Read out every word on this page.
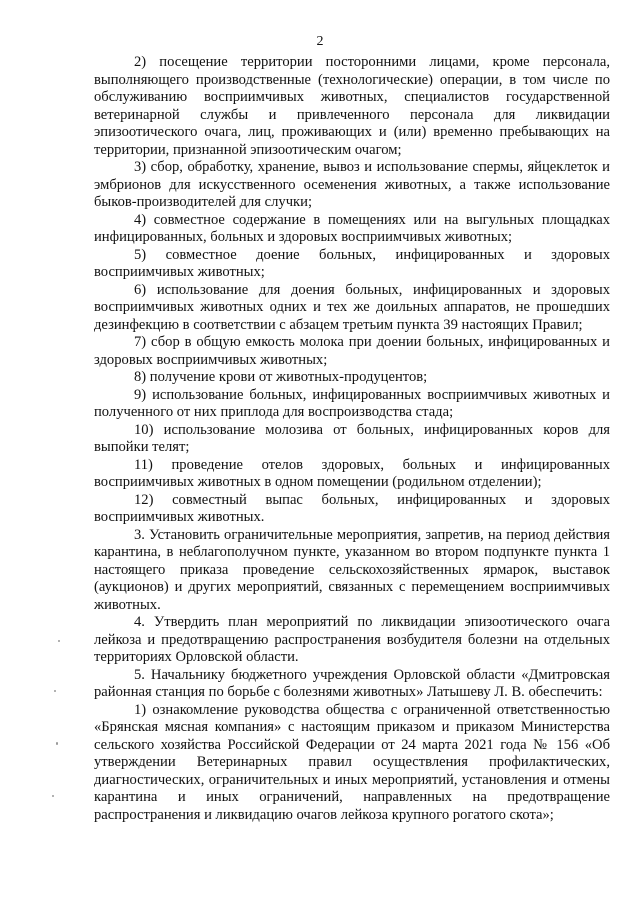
2

2) посещение территории посторонними лицами, кроме персонала, выполняющего производственные (технологические) операции, в том числе по обслуживанию восприимчивых животных, специалистов государственной ветеринарной службы и привлеченного персонала для ликвидации эпизоотического очага, лиц, проживающих и (или) временно пребывающих на территории, признанной эпизоотическим очагом;

3) сбор, обработку, хранение, вывоз и использование спермы, яйцеклеток и эмбрионов для искусственного осеменения животных, а также использование быков-производителей для случки;

4) совместное содержание в помещениях или на выгульных площадках инфицированных, больных и здоровых восприимчивых животных;

5) совместное доение больных, инфицированных и здоровых восприимчивых животных;

6) использование для доения больных, инфицированных и здоровых восприимчивых животных одних и тех же доильных аппаратов, не прошедших дезинфекцию в соответствии с абзацем третьим пункта 39 настоящих Правил;

7) сбор в общую емкость молока при доении больных, инфицированных и здоровых восприимчивых животных;

8) получение крови от животных-продуцентов;

9) использование больных, инфицированных восприимчивых животных и полученного от них приплода для воспроизводства стада;

10) использование молозива от больных, инфицированных коров для выпойки телят;

11) проведение отелов здоровых, больных и инфицированных восприимчивых животных в одном помещении (родильном отделении);

12) совместный выпас больных, инфицированных и здоровых восприимчивых животных.

3. Установить ограничительные мероприятия, запретив, на период действия карантина, в неблагополучном пункте, указанном во втором подпункте пункта 1 настоящего приказа проведение сельскохозяйственных ярмарок, выставок (аукционов) и других мероприятий, связанных с перемещением восприимчивых животных.

4. Утвердить план мероприятий по ликвидации эпизоотического очага лейкоза и предотвращению распространения возбудителя болезни на отдельных территориях Орловской области.

5. Начальнику бюджетного учреждения Орловской области «Дмитровская районная станция по борьбе с болезнями животных» Латышеву Л. В. обеспечить:

1) ознакомление руководства общества с ограниченной ответственностью «Брянская мясная компания» с настоящим приказом и приказом Министерства сельского хозяйства Российской Федерации от 24 марта 2021 года № 156 «Об утверждении Ветеринарных правил осуществления профилактических, диагностических, ограничительных и иных мероприятий, установления и отмены карантина и иных ограничений, направленных на предотвращение распространения и ликвидацию очагов лейкоза крупного рогатого скота»;
